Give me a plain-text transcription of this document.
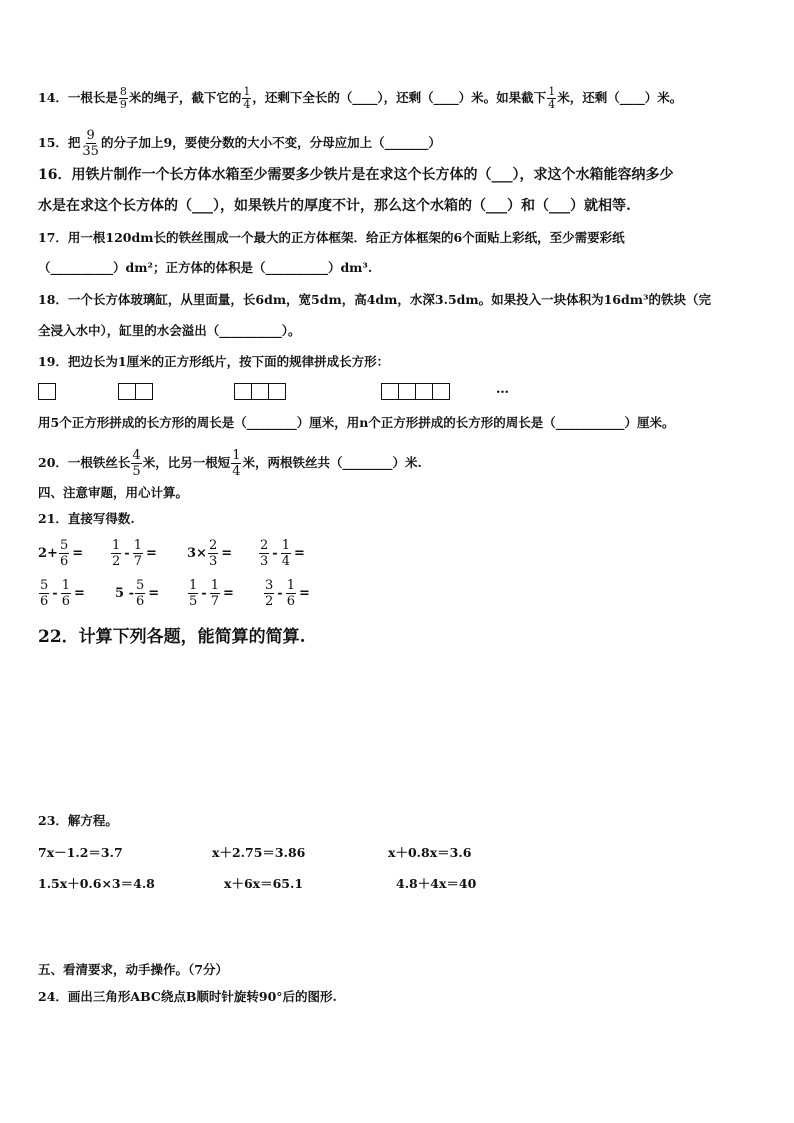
14．一根长是 $\frac{8}{9}$ 米的绳子，截下它的 $\frac{1}{4}$ ，还剩下全长的（____），还剩（____）米。如果截下 $\frac{1}{4}$ 米，还剩（____）米。
15．把 $\frac{9}{35}$ 的分子加上9，要使分数的大小不变，分母应加上（_______）
16．用铁片制作一个长方体水箱至少需要多少铁片是在求这个长方体的（___），求这个水箱能容纳多少
水是在求这个长方体的（___），如果铁片的厚度不计，那么这个水箱的（___）和（___）就相等.
17．用一根120dm长的铁丝围成一个最大的正方体框架．给正方体框架的6个面贴上彩纸，至少需要彩纸
（__________）dm²；正方体的体积是（__________）dm³.
18．一个长方体玻璃缸，从里面量，长6dm，宽5dm，高4dm，水深3.5dm。如果投入一块体积为16dm³的铁块（完
全浸入水中），缸里的水会溢出（__________）。
19．把边长为1厘米的正方形纸片，按下面的规律拼成长方形：
…
用5个正方形拼成的长方形的周长是（________）厘米，用n个正方形拼成的长方形的周长是（___________）厘米。
20．一根铁丝长 $\frac{4}{5}$ 米，比另一根短 $\frac{1}{4}$ 米，两根铁丝共（________）米.
四、注意审题，用心计算。
21．直接写得数.
$2+ \frac{5}{6} = \frac{1}{2} - \frac{1}{7} = 3\times \frac{2}{3} = \frac{2}{3} - \frac{1}{4}$ =
$\frac{5}{6} - \frac{1}{6} = 5 - \frac{5}{6} = \frac{1}{5} - \frac{1}{7} = \frac{3}{2} - \frac{1}{6}$ =
22．计算下列各题，能简算的简算.
23．解方程。
7x－1.2＝3.7	x＋2.75＝3.86	x＋0.8x＝3.6
1.5x＋0.6×3＝4.8	x＋6x＝65.1	4.8＋4x＝40
五、看清要求，动手操作。（7分）
24．画出三角形ABC绕点B顺时针旋转90°后的图形.
